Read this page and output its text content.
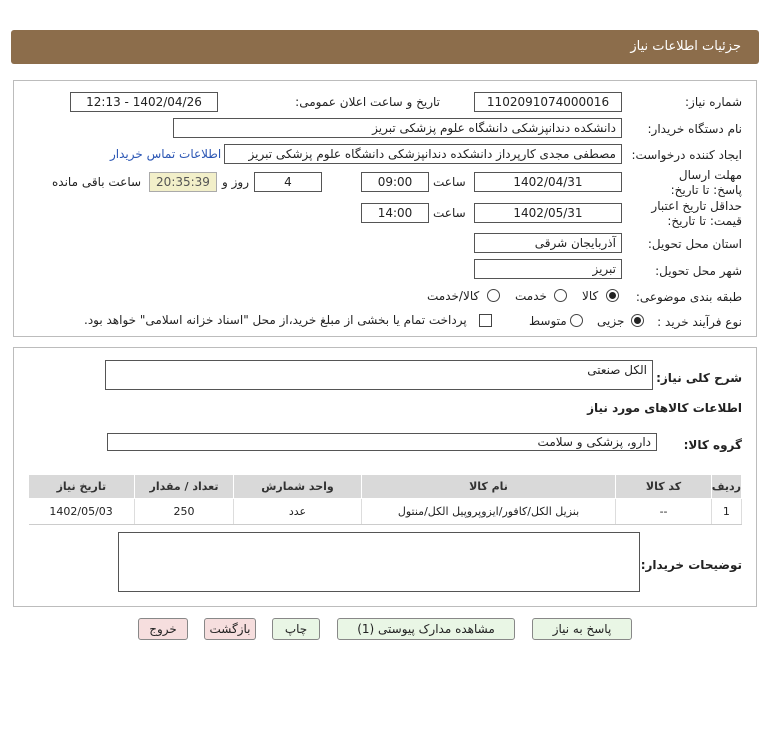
جزئیات اطلاعات نیاز
شماره نیاز:
1102091074000016
تاریخ و ساعت اعلان عمومی:
1402/04/26 - 12:13
نام دستگاه خریدار:
دانشکده دندانپزشکی دانشگاه علوم پزشکی تبریز
ایجاد کننده درخواست:
مصطفی مجدی کارپرداز دانشکده دندانپزشکی دانشگاه علوم پزشکی تبریز
اطلاعات تماس خریدار
مهلت ارسال پاسخ: تا تاریخ:
1402/04/31
ساعت
09:00
4
روز و
20:35:39
ساعت باقی مانده
حداقل تاریخ اعتبار قیمت: تا تاریخ:
1402/05/31
ساعت
14:00
استان محل تحویل:
آذربایجان شرقی
شهر محل تحویل:
تبریز
طبقه بندی موضوعی:
کالا
خدمت
کالا/خدمت
نوع فرآیند خرید :
جزیی
متوسط
پرداخت تمام یا بخشی از مبلغ خرید،از محل "اسناد خزانه اسلامی" خواهد بود.
شرح کلی نیاز:
الکل صنعتی
اطلاعات کالاهای مورد نیاز
گروه کالا:
دارو، پزشکی و سلامت
ردیف	کد کالا	نام کالا	واحد شمارش	تعداد / مقدار	تاریخ نیاز
1	--	بنزیل الکل/کافور/ایزوپروپیل الکل/منتول	عدد	250	1402/05/03
توضیحات خریدار:
پاسخ به نیاز
مشاهده مدارک پیوستی (1)
چاپ
بازگشت
خروج
